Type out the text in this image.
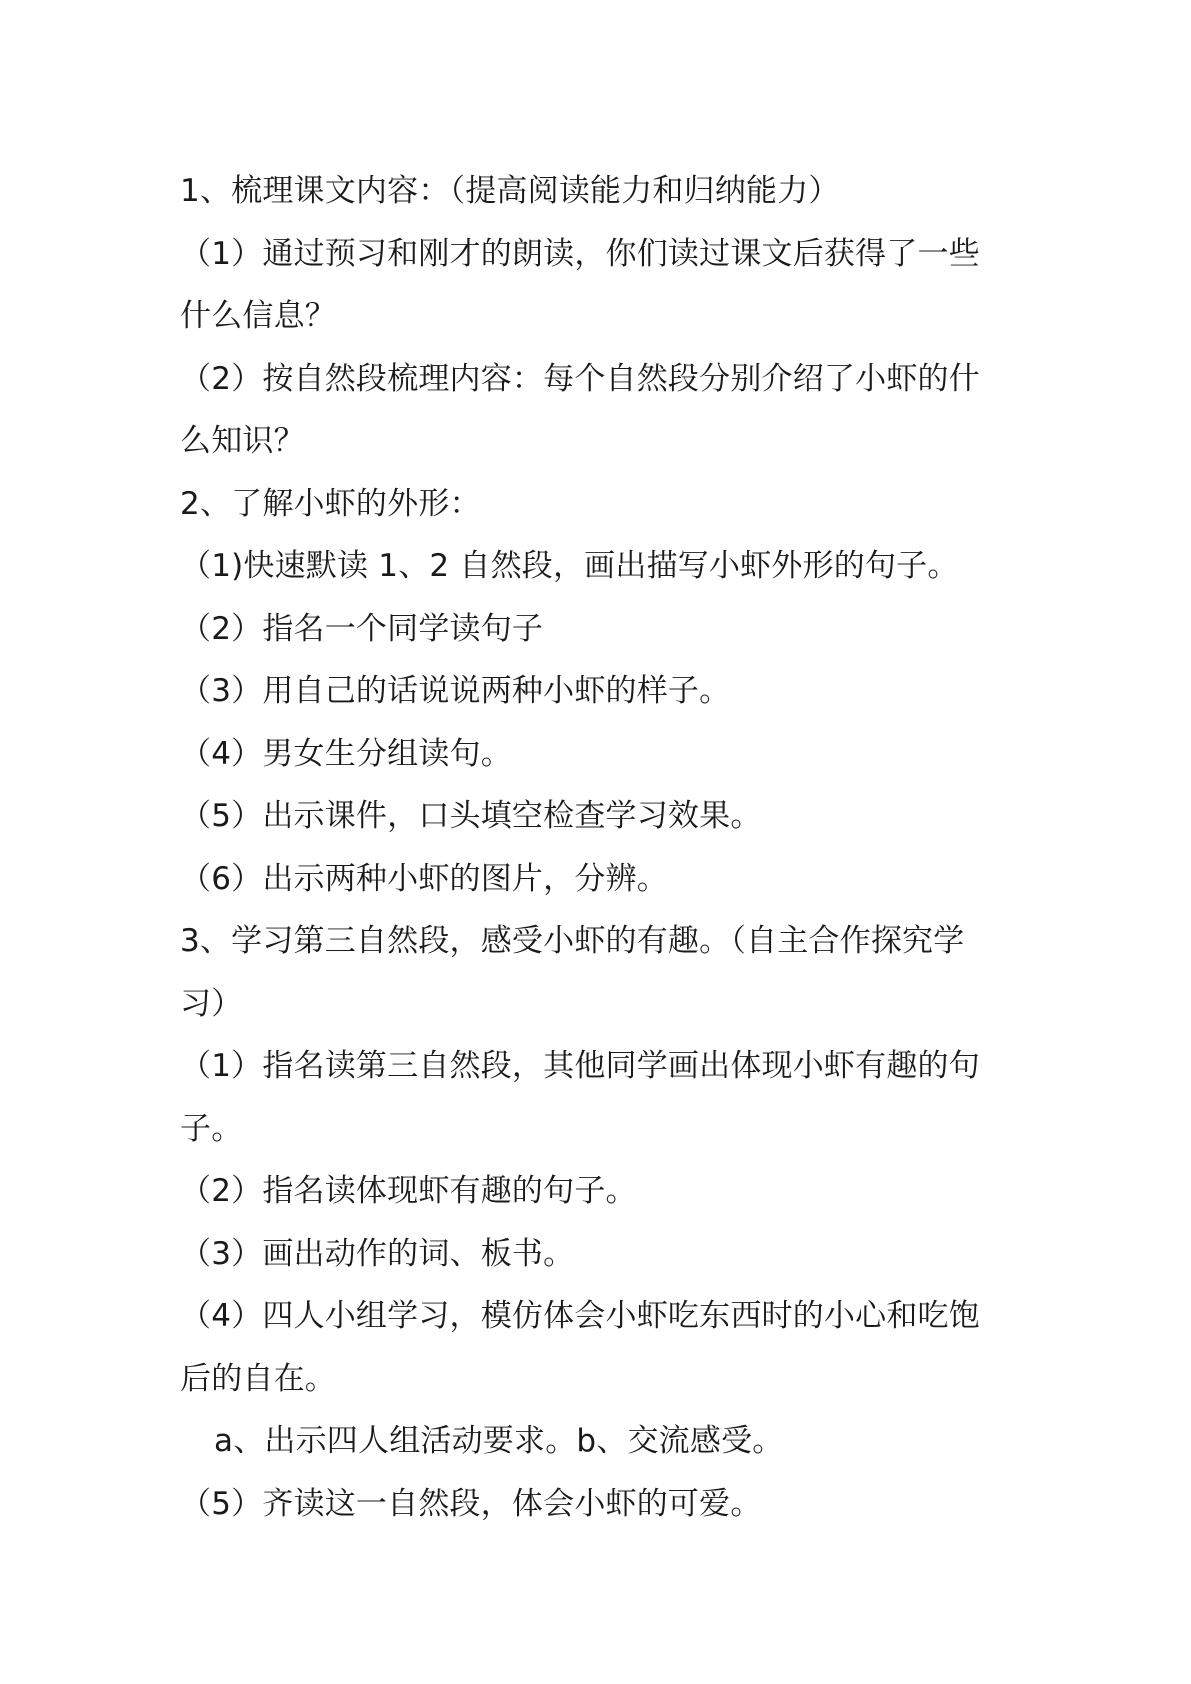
1、梳理课文内容：（提高阅读能力和归纳能力）
（1）通过预习和刚才的朗读，你们读过课文后获得了一些
什么信息？
（2）按自然段梳理内容：每个自然段分别介绍了小虾的什
么知识？
2、了解小虾的外形：
（1)快速默读 1、2 自然段，画出描写小虾外形的句子。
（2）指名一个同学读句子
（3）用自己的话说说两种小虾的样子。
（4）男女生分组读句。
（5）出示课件，口头填空检查学习效果。
（6）出示两种小虾的图片，分辨。
3、学习第三自然段，感受小虾的有趣。（自主合作探究学
习）
（1）指名读第三自然段，其他同学画出体现小虾有趣的句
子。
（2）指名读体现虾有趣的句子。
（3）画出动作的词、板书。
（4）四人小组学习，模仿体会小虾吃东西时的小心和吃饱
后的自在。
a、出示四人组活动要求。b、交流感受。
（5）齐读这一自然段，体会小虾的可爱。
